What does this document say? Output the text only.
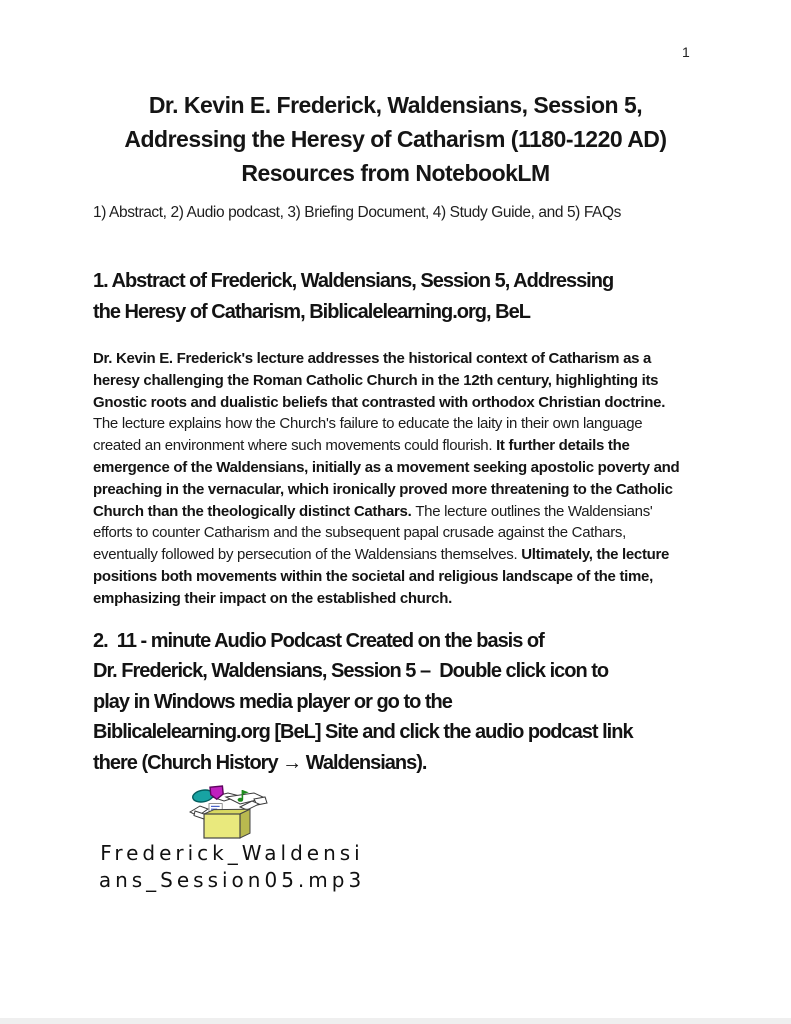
1
Dr. Kevin E. Frederick, Waldensians, Session 5,
Addressing the Heresy of Catharism (1180-1220 AD)
Resources from NotebookLM
1) Abstract, 2) Audio podcast, 3) Briefing Document, 4) Study Guide, and 5) FAQs
1. Abstract of Frederick, Waldensians, Session 5, Addressing
the Heresy of Catharism, Biblicalelearning.org, BeL
Dr. Kevin E. Frederick's lecture addresses the historical context of Catharism as a heresy challenging the Roman Catholic Church in the 12th century, highlighting its Gnostic roots and dualistic beliefs that contrasted with orthodox Christian doctrine. The lecture explains how the Church's failure to educate the laity in their own language created an environment where such movements could flourish. It further details the emergence of the Waldensians, initially as a movement seeking apostolic poverty and preaching in the vernacular, which ironically proved more threatening to the Catholic Church than the theologically distinct Cathars. The lecture outlines the Waldensians' efforts to counter Catharism and the subsequent papal crusade against the Cathars, eventually followed by persecution of the Waldensians themselves. Ultimately, the lecture positions both movements within the societal and religious landscape of the time, emphasizing their impact on the established church.
2.  11 - minute Audio Podcast Created on the basis of
Dr. Frederick, Waldensians, Session 5 –  Double click icon to
play in Windows media player or go to the
Biblicalelearning.org [BeL] Site and click the audio podcast link
there (Church History → Waldensians).
Frederick_Waldensi
ans_Session05.mp3
